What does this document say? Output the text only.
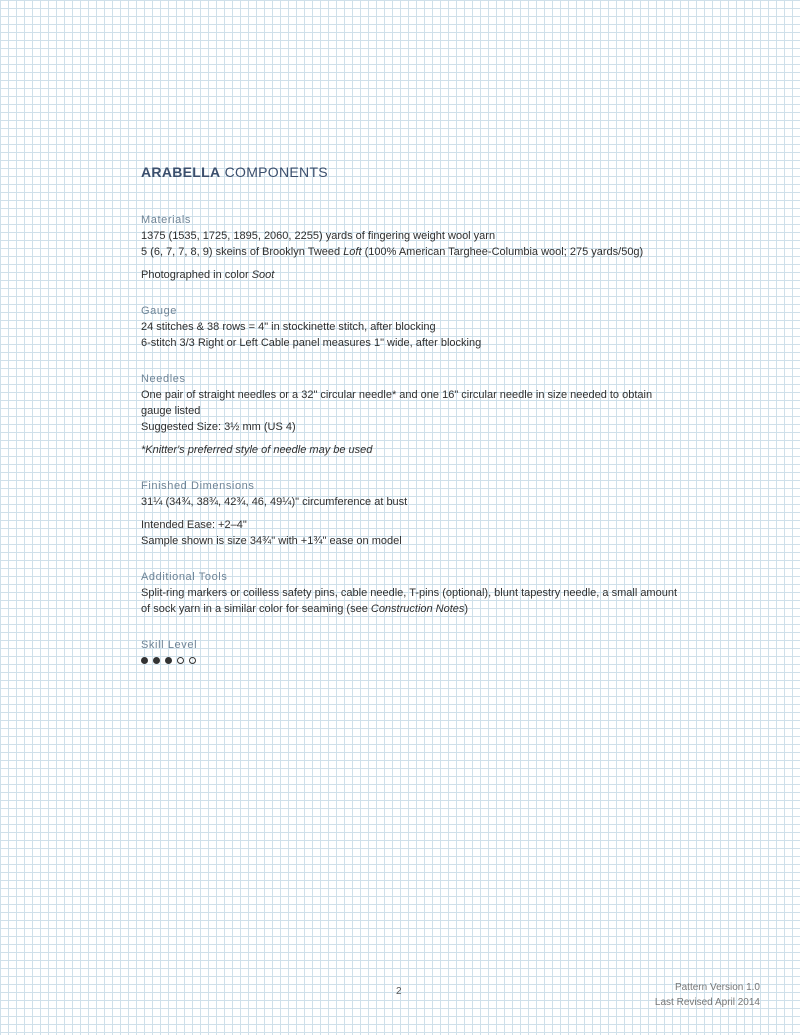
ARABELLA COMPONENTS
Materials
1375 (1535, 1725, 1895, 2060, 2255) yards of fingering weight wool yarn
5 (6, 7, 7, 8, 9) skeins of Brooklyn Tweed Loft (100% American Targhee-Columbia wool; 275 yards/50g)
Photographed in color Soot
Gauge
24 stitches & 38 rows = 4" in stockinette stitch, after blocking
6-stitch 3/3 Right or Left Cable panel measures 1" wide, after blocking
Needles
One pair of straight needles or a 32" circular needle* and one 16" circular needle in size needed to obtain
gauge listed
Suggested Size: 3½ mm (US 4)
*Knitter's preferred style of needle may be used
Finished Dimensions
31¼ (34¾, 38¾, 42¾, 46, 49¼)" circumference at bust
Intended Ease: +2–4"
Sample shown is size 34¾" with +1¾" ease on model
Additional Tools
Split-ring markers or coilless safety pins, cable needle, T-pins (optional), blunt tapestry needle, a small amount
of sock yarn in a similar color for seaming (see Construction Notes)
Skill Level
2	Pattern Version 1.0
Last Revised April 2014
